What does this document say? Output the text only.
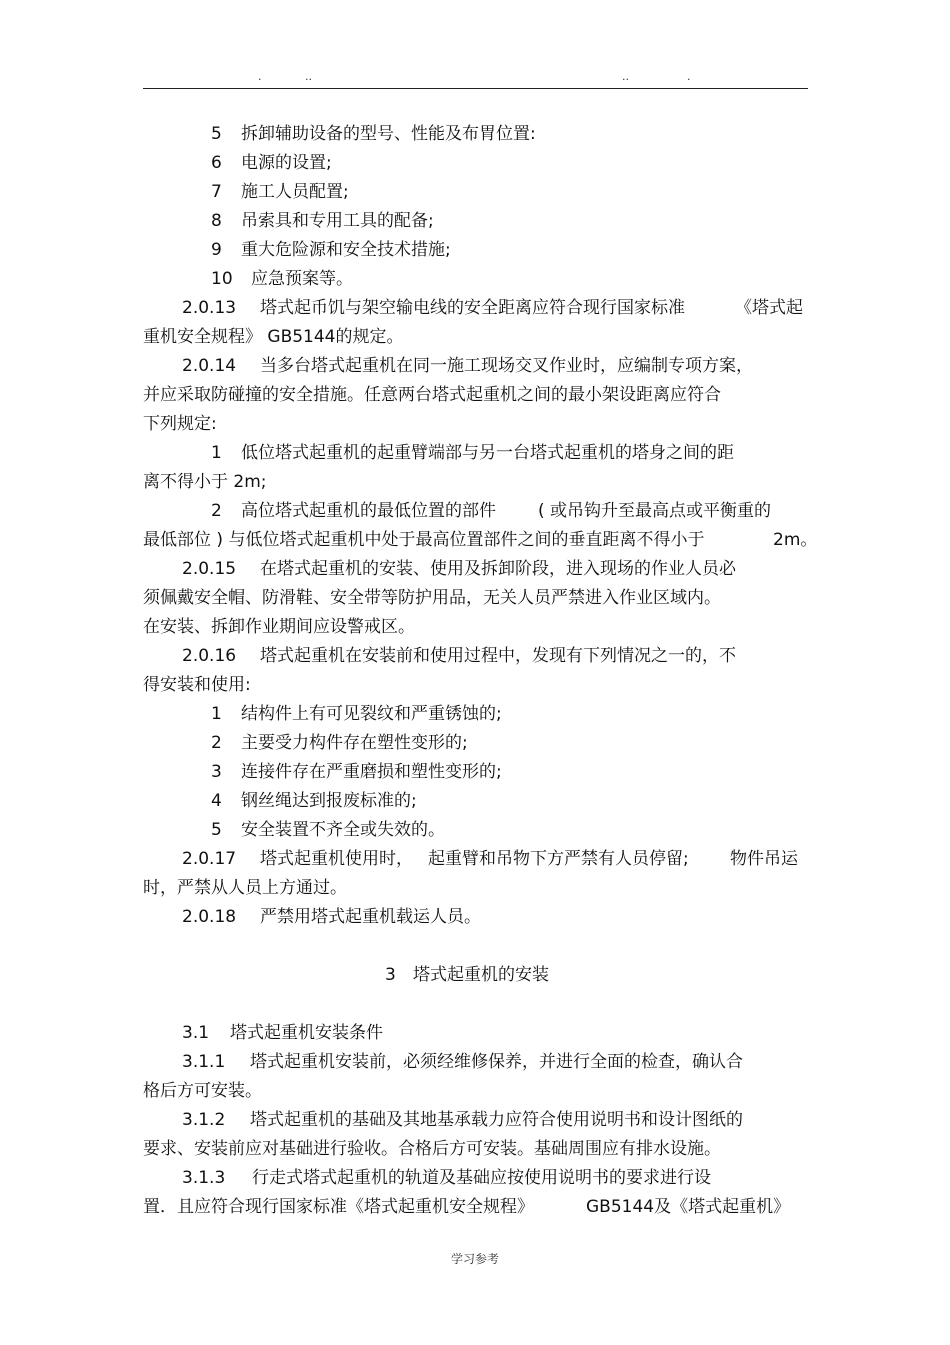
.	..	..	.
5 拆卸辅助设备的型号、性能及布胃位置:
6 电源的设置;
7 施工人员配置;
8 吊索具和专用工具的配备;
9 重大危险源和安全技术措施;
10 应急预案等。
2.0.13 塔式起币饥与架空输电线的安全距离应符合现行国家标准	《塔式起
重机安全规程》 GB5144的规定。
2.0.14 当多台塔式起重机在同一施工现场交叉作业时，应编制专项方案，
并应采取防碰撞的安全措施。任意两台塔式起重机之间的最小架设距离应符合
下列规定:
1 低位塔式起重机的起重臂端部与另一台塔式起重机的塔身之间的距
离不得小于 2m;
2 高位塔式起重机的最低位置的部件 ( 或吊钩升至最高点或平衡重的
最低部位 ) 与低位塔式起重机中处于最高位置部件之间的垂直距离不得小于	2m。
2.0.15 在塔式起重机的安装、使用及拆卸阶段，进入现场的作业人员必
须佩戴安全帽、防滑鞋、安全带等防护用品，无关人员严禁进入作业区域内。
在安装、拆卸作业期间应设警戒区。
2.0.16 塔式起重机在安装前和使用过程中，发现有下列情况之一的，不
得安装和使用:
1 结构件上有可见裂纹和严重锈蚀的;
2 主要受力构件存在塑性变形的;
3 连接件存在严重磨损和塑性变形的;
4 钢丝绳达到报废标准的;
5 安全装置不齐全或失效的。
2.0.17 塔式起重机使用时， 起重臂和吊物下方严禁有人员停留; 物件吊运
时，严禁从人员上方通过。
2.0.18 严禁用塔式起重机载运人员。
3 塔式起重机的安装
3.1 塔式起重机安装条件
3.1.1 塔式起重机安装前，必须经维修保养，并进行全面的检查，确认合
格后方可安装。
3.1.2 塔式起重机的基础及其地基承载力应符合使用说明书和设计图纸的
要求、安装前应对基础进行验收。合格后方可安装。基础周围应有排水设施。
3.1.3 行走式塔式起重机的轨道及基础应按使用说明书的要求进行设
置．且应符合现行国家标准《塔式起重机安全规程》	GB5144及《塔式起重机》
学习参考
